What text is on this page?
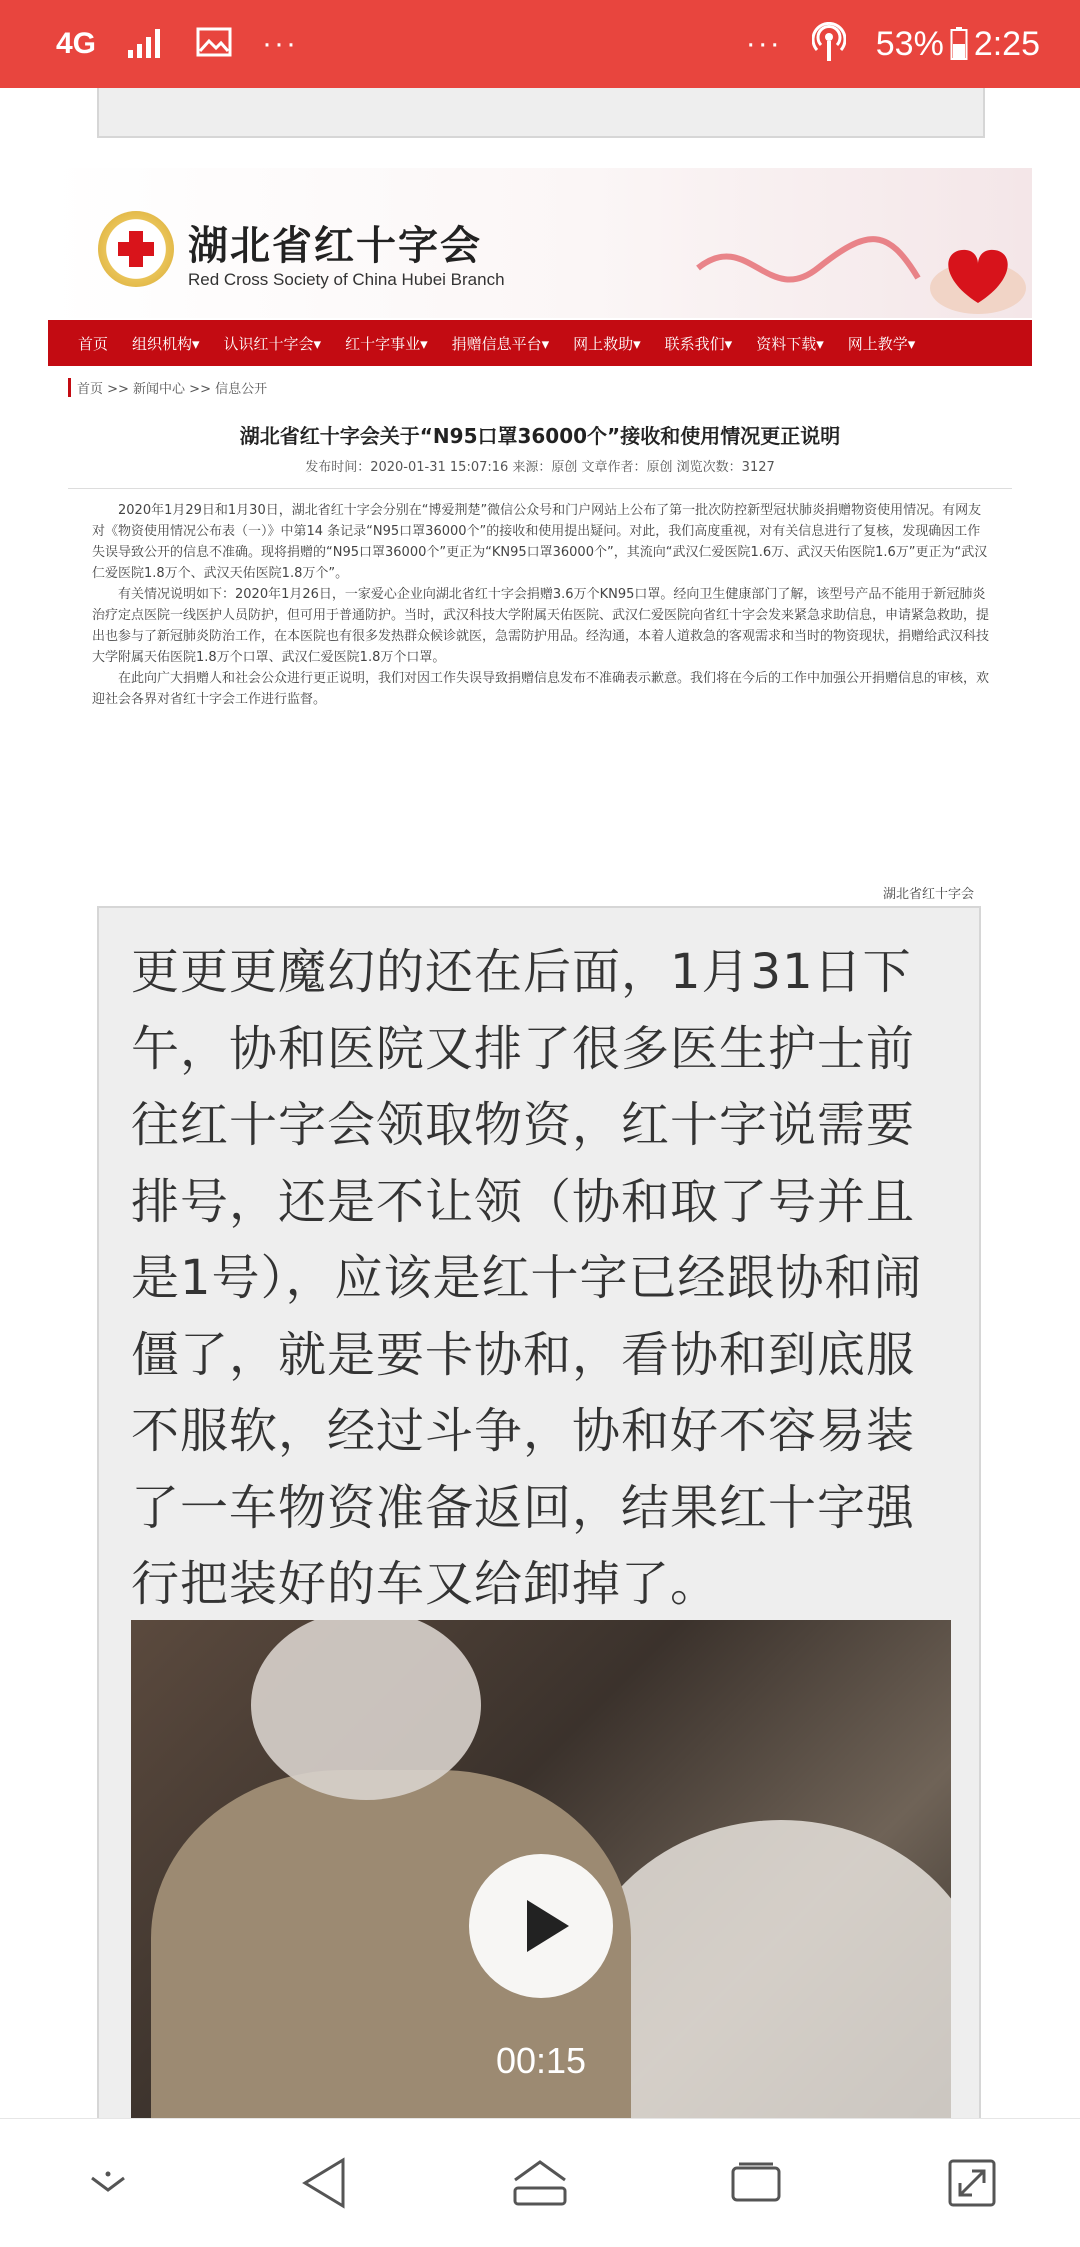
4G	···	···	53% 2:25
湖北省红十字会
Red Cross Society of China Hubei Branch
首页	组织机构▾	认识红十字会▾	红十字事业▾	捐赠信息平台▾	网上救助▾	联系我们▾	资料下载▾	网上教学▾
首页 >> 新闻中心 >> 信息公开
湖北省红十字会关于“N95口罩36000个”接收和使用情况更正说明
发布时间：2020-01-31 15:07:16 来源：原创 文章作者：原创 浏览次数：3127

2020年1月29日和1月30日，湖北省红十字会分别在“博爱荆楚”微信公众号和门户网站上公布了第一批次防控新型冠状肺炎捐赠物资使用情况。有网友对《物资使用情况公布表（一）》中第14 条记录“N95口罩36000个”的接收和使用提出疑问。对此，我们高度重视，对有关信息进行了复核，发现确因工作失误导致公开的信息不准确。现将捐赠的“N95口罩36000个”更正为“KN95口罩36000个”，其流向“武汉仁爱医院1.6万、武汉天佑医院1.6万”更正为“武汉仁爱医院1.8万个、武汉天佑医院1.8万个”。

有关情况说明如下：2020年1月26日，一家爱心企业向湖北省红十字会捐赠3.6万个KN95口罩。经向卫生健康部门了解，该型号产品不能用于新冠肺炎治疗定点医院一线医护人员防护，但可用于普通防护。当时，武汉科技大学附属天佑医院、武汉仁爱医院向省红十字会发来紧急求助信息，申请紧急救助，提出也参与了新冠肺炎防治工作，在本医院也有很多发热群众候诊就医，急需防护用品。经沟通，本着人道救急的客观需求和当时的物资现状，捐赠给武汉科技大学附属天佑医院1.8万个口罩、武汉仁爱医院1.8万个口罩。

在此向广大捐赠人和社会公众进行更正说明，我们对因工作失误导致捐赠信息发布不准确表示歉意。我们将在今后的工作中加强公开捐赠信息的审核，欢迎社会各界对省红十字会工作进行监督。

湖北省红十字会

更更更魔幻的还在后面，1月31日下午，协和医院又排了很多医生护士前往红十字会领取物资，红十字说需要排号，还是不让领（协和取了号并且是1号），应该是红十字已经跟协和闹僵了，就是要卡协和，看协和到底服不服软，经过斗争，协和好不容易装了一车物资准备返回，结果红十字强行把装好的车又给卸掉了。

00:15
